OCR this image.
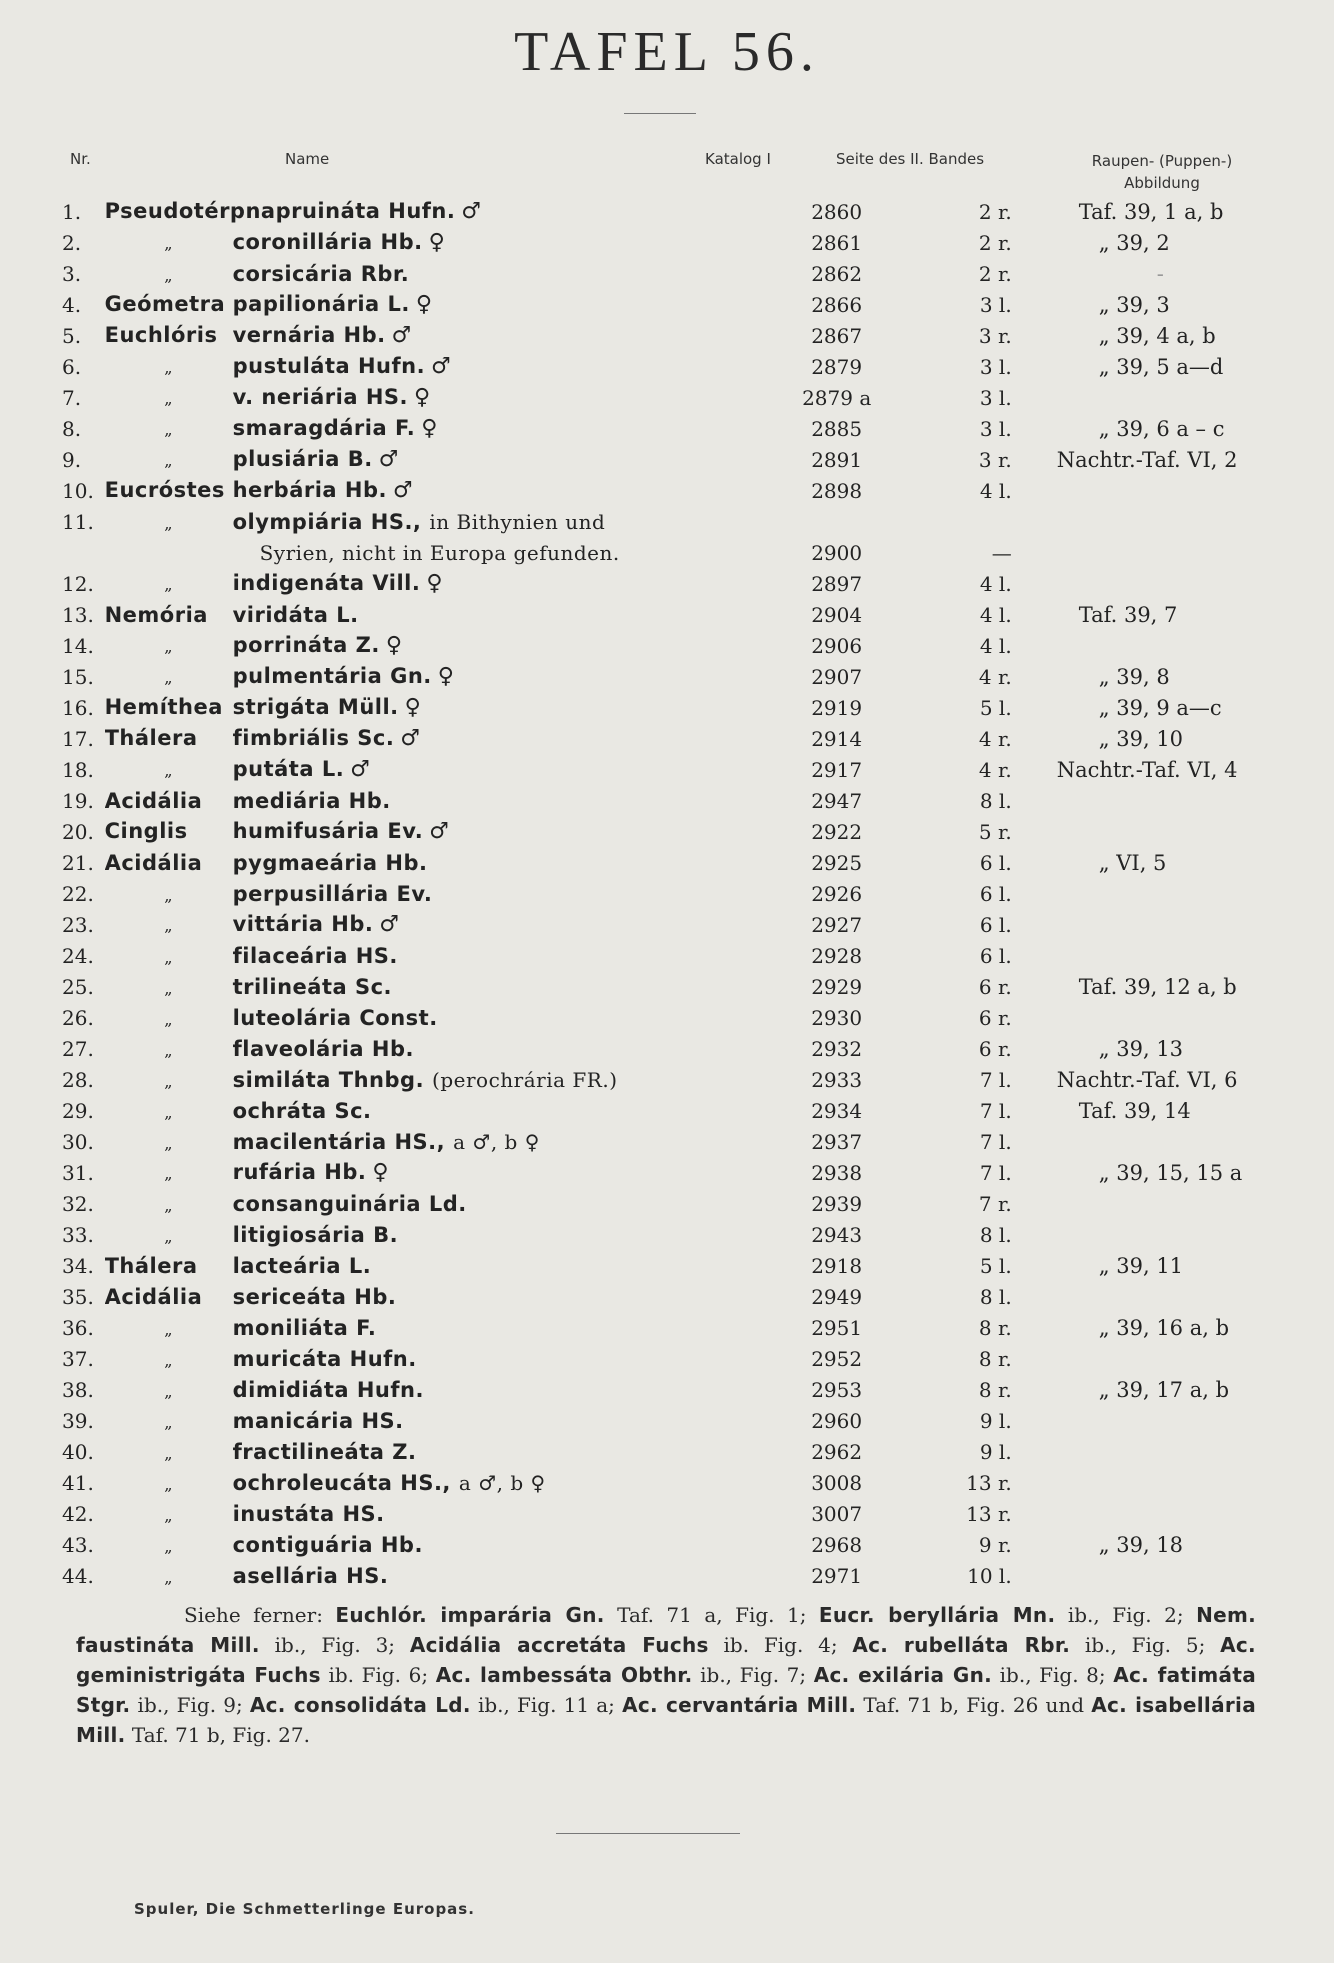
TAFEL 56.
Nr.	Name	Katalog I	Seite des II. Bandes	Raupen- (Puppen-)
Abbildung
1.	Pseudotérpnapruináta Hufn. ♂	2860	2 r.	Taf. 39, 1 a, b
2.	„ coronillária Hb. ♀	2861	2 r.	„ 39, 2
3.	„ corsicária Rbr.	2862	2 r.	-
4.	Geómetra papilionária L. ♀	2866	3 l.	„ 39, 3
5.	Euchlóris vernária Hb. ♂	2867	3 r.	„ 39, 4 a, b
6.	„ pustuláta Hufn. ♂	2879	3 l.	„ 39, 5 a—d
7.	„ v. neriária HS. ♀	2879 a	3 l.	
8.	„ smaragdária F. ♀	2885	3 l.	„ 39, 6 a – c
9.	„ plusiária B. ♂	2891	3 r.	Nachtr.-Taf. VI, 2
10.	Eucróstes herbária Hb. ♂	2898	4 l.	
11.	„ olympiária HS., in Bithynien und			
	Syrien, nicht in Europa gefunden.	2900	—	
12.	„ indigenáta Vill. ♀	2897	4 l.	
13.	Nemória viridáta L.	2904	4 l.	Taf. 39, 7
14.	„ porrináta Z. ♀	2906	4 l.	
15.	„ pulmentária Gn. ♀	2907	4 r.	„ 39, 8
16.	Hemíthea strigáta Müll. ♀	2919	5 l.	„ 39, 9 a—c
17.	Thálera fimbriális Sc. ♂	2914	4 r.	„ 39, 10
18.	„ putáta L. ♂	2917	4 r.	Nachtr.-Taf. VI, 4
19.	Acidália mediária Hb.	2947	8 l.	
20.	Cinglis humifusária Ev. ♂	2922	5 r.	
21.	Acidália pygmaeária Hb.	2925	6 l.	„ VI, 5
22.	„ perpusillária Ev.	2926	6 l.	
23.	„ vittária Hb. ♂	2927	6 l.	
24.	„ filaceária HS.	2928	6 l.	
25.	„ trilineáta Sc.	2929	6 r.	Taf. 39, 12 a, b
26.	„ luteolária Const.	2930	6 r.	
27.	„ flaveolária Hb.	2932	6 r.	„ 39, 13
28.	„ similáta Thnbg. (perochrária FR.)	2933	7 l.	Nachtr.-Taf. VI, 6
29.	„ ochráta Sc.	2934	7 l.	Taf. 39, 14
30.	„ macilentária HS., a ♂, b ♀	2937	7 l.	
31.	„ rufária Hb. ♀	2938	7 l.	„ 39, 15, 15 a
32.	„ consanguinária Ld.	2939	7 r.	
33.	„ litigiosária B.	2943	8 l.	
34.	Thálera lacteária L.	2918	5 l.	„ 39, 11
35.	Acidália sericeáta Hb.	2949	8 l.	
36.	„ moniliáta F.	2951	8 r.	„ 39, 16 a, b
37.	„ muricáta Hufn.	2952	8 r.	
38.	„ dimidiáta Hufn.	2953	8 r.	„ 39, 17 a, b
39.	„ manicária HS.	2960	9 l.	
40.	„ fractilineáta Z.	2962	9 l.	
41.	„ ochroleucáta HS., a ♂, b ♀	3008	13 r.	
42.	„ inustáta HS.	3007	13 r.	
43.	„ contiguária Hb.	2968	9 r.	„ 39, 18
44.	„ asellária HS.	2971	10 l.	

Siehe ferner: Euchlór. imparária Gn. Taf. 71 a, Fig. 1; Eucr. beryllária Mn. ib., Fig. 2; Nem. faustináta Mill. ib., Fig. 3; Acidália accretáta Fuchs ib. Fig. 4; Ac. rubelláta Rbr. ib., Fig. 5; Ac. geministrigáta Fuchs ib. Fig. 6; Ac. lambessáta Obthr. ib., Fig. 7; Ac. exilária Gn. ib., Fig. 8; Ac. fatimáta Stgr. ib., Fig. 9; Ac. consolidáta Ld. ib., Fig. 11 a; Ac. cervantária Mill. Taf. 71 b, Fig. 26 und Ac. isabellária Mill. Taf. 71 b, Fig. 27.

Spuler, Die Schmetterlinge Europas.
